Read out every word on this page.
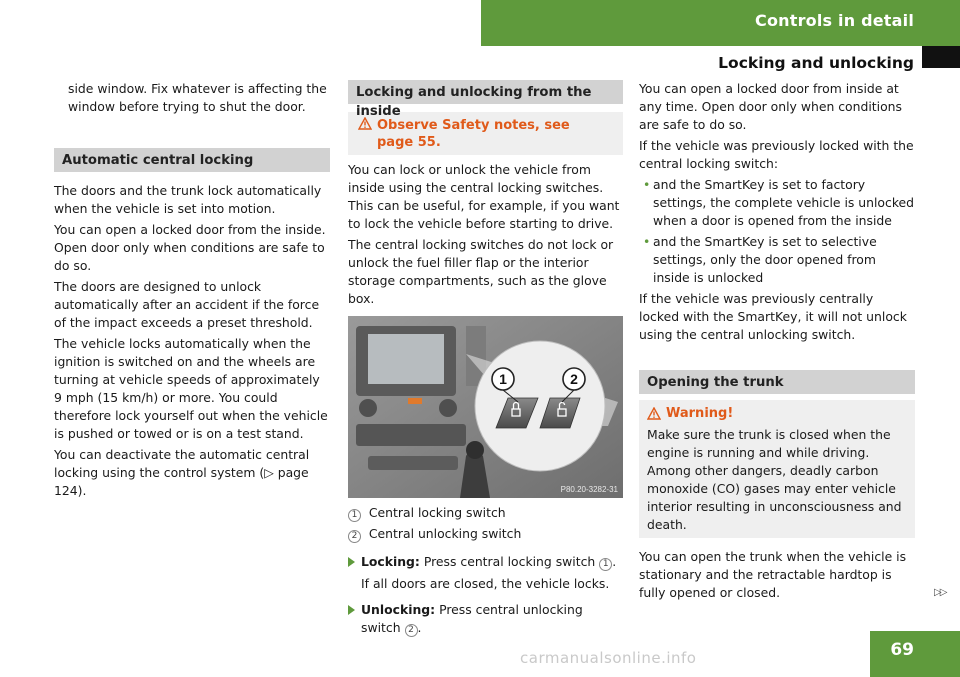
Controls in detail
Locking and unlocking

side window. Fix whatever is affecting the

window before trying to shut the door.

Automatic central locking

The doors and the trunk lock automatically when the vehicle is set into motion.

You can open a locked door from the inside. Open door only when conditions are safe to do so.

The doors are designed to unlock automatically after an accident if the force of the impact exceeds a preset threshold.

The vehicle locks automatically when the ignition is switched on and the wheels are turning at vehicle speeds of approximately 9 mph (15 km/h) or more. You could therefore lock yourself out when the vehicle is pushed or towed or is on a test stand.

You can deactivate the automatic central locking using the control system (▷ page 124).

Locking and unlocking from the inside
Observe Safety notes, see page 55.

You can lock or unlock the vehicle from inside using the central locking switches. This can be useful, for example, if you want to lock the vehicle before starting to drive.

The central locking switches do not lock or unlock the fuel filler flap or the interior storage compartments, such as the glove box.

1	2
P80.20-3282-31
1 Central locking switch
2 Central unlocking switch
Locking: Press central locking switch 1 .
If all doors are closed, the vehicle locks.
Unlocking: Press central unlocking switch 2 .

You can open a locked door from inside at any time. Open door only when conditions are safe to do so.

If the vehicle was previously locked with the central locking switch:

• and the SmartKey is set to factory settings, the complete vehicle is unlocked when a door is opened from the inside
• and the SmartKey is set to selective settings, only the door opened from inside is unlocked

If the vehicle was previously centrally locked with the SmartKey, it will not unlock using the central unlocking switch.

Opening the trunk
Warning!
Make sure the trunk is closed when the engine is running and while driving. Among other dangers, deadly carbon monoxide (CO) gases may enter vehicle interior resulting in unconsciousness and death.

You can open the trunk when the vehicle is stationary and the retractable hardtop is fully opened or closed.	▷▷
69
carmanualsonline.info
